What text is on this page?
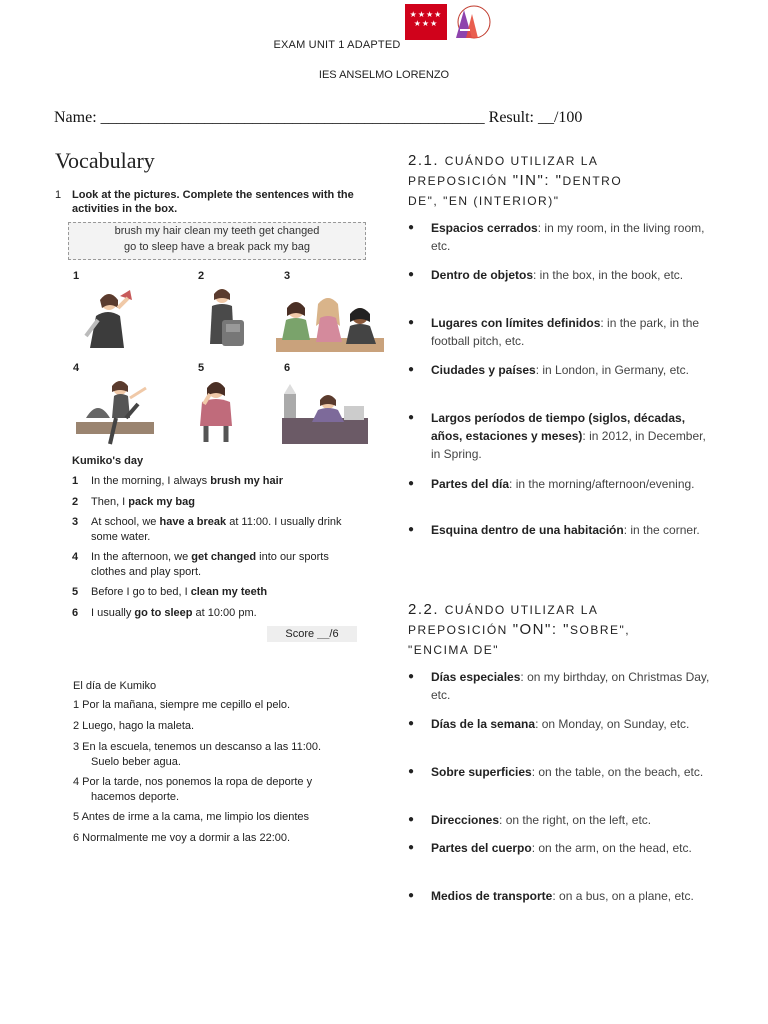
★★★★
★★★
EXAM UNIT 1 ADAPTED
IES ANSELMO LORENZO
Name: ________________________________________________ Result: __/100
Vocabulary
1 Look at the pictures. Complete the sentences with the activities in the box.
brush my hair clean my teeth get changed
go to sleep have a break pack my bag
1	2	3
4	5	6
Kumiko's day
1 In the morning, I always brush my hair
2 Then, I pack my bag
3 At school, we have a break at 11:00. I usually drink some water.
4 In the afternoon, we get changed into our sports clothes and play sport.
5 Before I go to bed, I clean my teeth
6 I usually go to sleep at 10:00 pm.
Score __/6
El día de Kumiko
1 Por la mañana, siempre me cepillo el pelo.
2 Luego, hago la maleta.
3 En la escuela, tenemos un descanso a las 11:00.
Suelo beber agua.
4 Por la tarde, nos ponemos la ropa de deporte y
hacemos deporte.
5 Antes de irme a la cama, me limpio los dientes
6 Normalmente me voy a dormir a las 22:00.
2.1. CUÁNDO UTILIZAR LA
PREPOSICIÓN "IN": "DENTRO
DE", "EN (INTERIOR)"
● Espacios cerrados: in my room, in the living room, etc.
● Dentro de objetos: in the box, in the book, etc.
● Lugares con límites definidos: in the park, in the football pitch, etc.
● Ciudades y países: in London, in Germany, etc.
● Largos períodos de tiempo (siglos, décadas, años, estaciones y meses): in 2012, in December, in Spring.
● Partes del día: in the morning/afternoon/evening.
● Esquina dentro de una habitación: in the corner.
2.2. CUÁNDO UTILIZAR LA
PREPOSICIÓN "ON": "SOBRE",
"ENCIMA DE"
● Días especiales: on my birthday, on Christmas Day, etc.
● Días de la semana: on Monday, on Sunday, etc.
● Sobre superficies: on the table, on the beach, etc.
● Direcciones: on the right, on the left, etc.
● Partes del cuerpo: on the arm, on the head, etc.
● Medios de transporte: on a bus, on a plane, etc.
